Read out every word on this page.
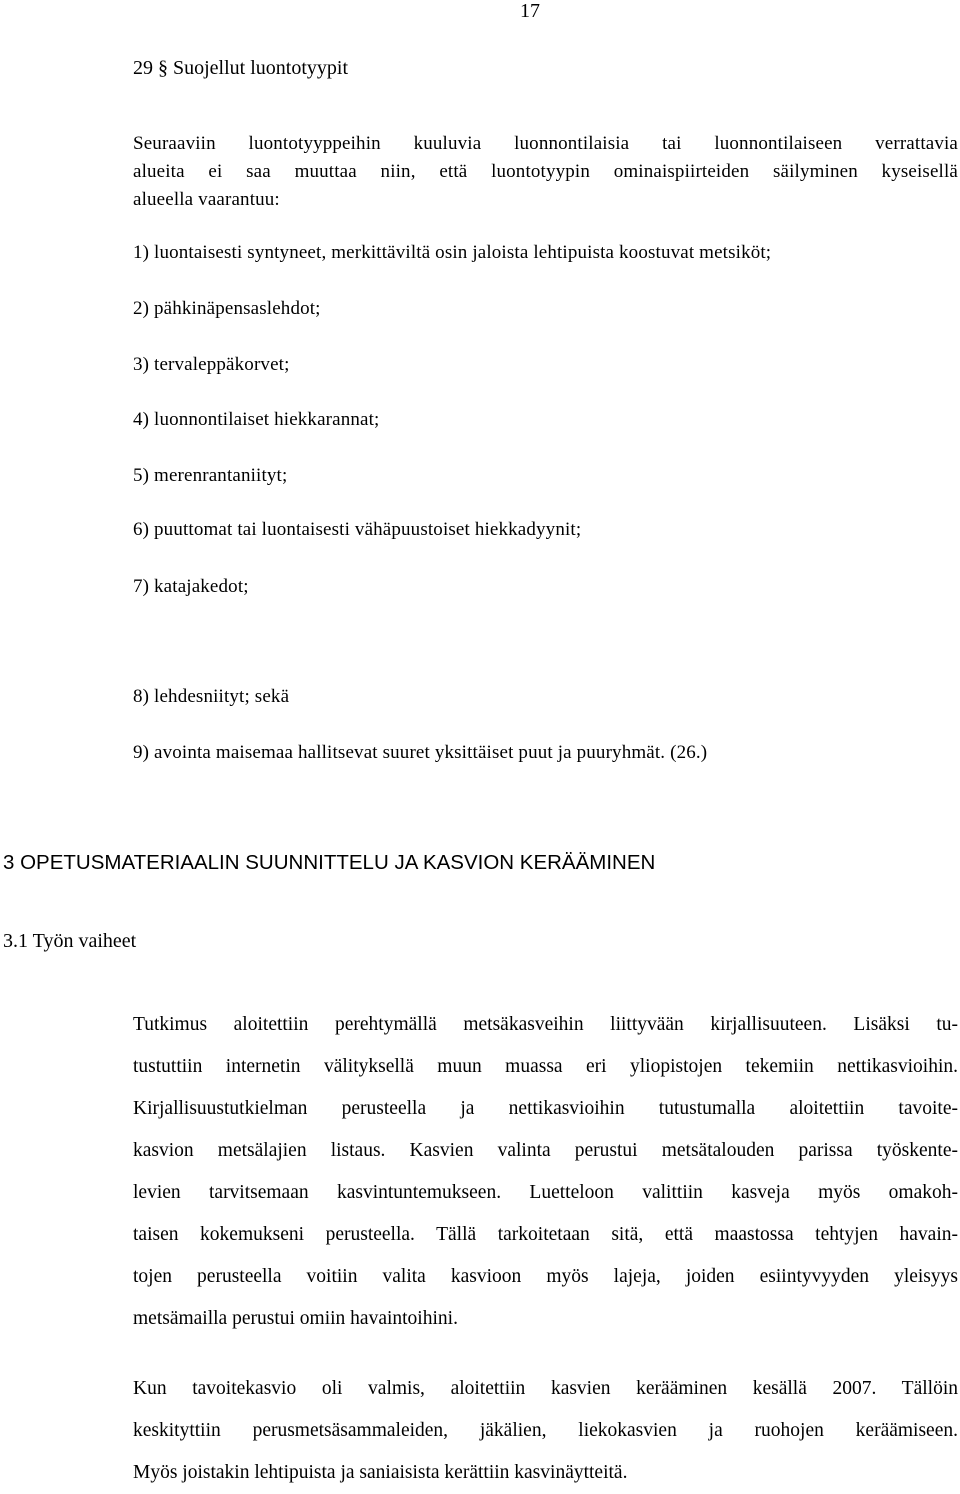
17
29 § Suojellut luontotyypit
Seuraaviin luontotyyppeihin kuuluvia luonnontilaisia tai luonnontilaiseen verrattavia
alueita ei saa muuttaa niin, että luontotyypin ominaispiirteiden säilyminen kyseisellä
alueella vaarantuu:
1) luontaisesti syntyneet, merkittäviltä osin jaloista lehtipuista koostuvat metsiköt;
2) pähkinäpensaslehdot;
3) tervaleppäkorvet;
4) luonnontilaiset hiekkarannat;
5) merenrantaniityt;
6) puuttomat tai luontaisesti vähäpuustoiset hiekkadyynit;
7) katajakedot;
8) lehdesniityt; sekä
9) avointa maisemaa hallitsevat suuret yksittäiset puut ja puuryhmät. (26.)
3 OPETUSMATERIAALIN SUUNNITTELU JA KASVION KERÄÄMINEN
3.1 Työn vaiheet
Tutkimus aloitettiin perehtymällä metsäkasveihin liittyvään kirjallisuuteen. Lisäksi tu-
tustuttiin internetin välityksellä muun muassa eri yliopistojen tekemiin nettikasvioihin.
Kirjallisuustutkielman perusteella ja nettikasvioihin tutustumalla aloitettiin tavoite-
kasvion metsälajien listaus. Kasvien valinta perustui metsätalouden parissa työskente-
levien tarvitsemaan kasvintuntemukseen. Luetteloon valittiin kasveja myös omakoh-
taisen kokemukseni perusteella. Tällä tarkoitetaan sitä, että maastossa tehtyjen havain-
tojen perusteella voitiin valita kasvioon myös lajeja, joiden esiintyvyyden yleisyys
metsämailla perustui omiin havaintoihini.
Kun tavoitekasvio oli valmis, aloitettiin kasvien kerääminen kesällä 2007. Tällöin
keskityttiin perusmetsäsammaleiden, jäkälien, liekokasvien ja ruohojen keräämiseen.
Myös joistakin lehtipuista ja saniaisista kerättiin kasvinäytteitä.
